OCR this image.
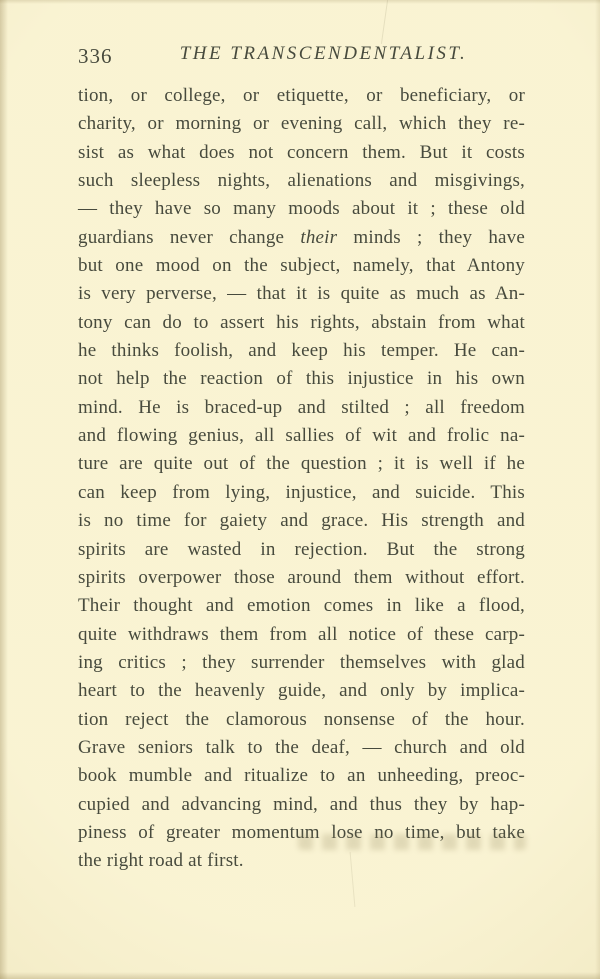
336	THE TRANSCENDENTALIST.
tion, or college, or etiquette, or beneficiary, or
charity, or morning or evening call, which they re-
sist as what does not concern them. But it costs
such sleepless nights, alienations and misgivings,
— they have so many moods about it ; these old
guardians never change their minds ; they have
but one mood on the subject, namely, that Antony
is very perverse, — that it is quite as much as An-
tony can do to assert his rights, abstain from what
he thinks foolish, and keep his temper. He can-
not help the reaction of this injustice in his own
mind. He is braced-up and stilted ; all freedom
and flowing genius, all sallies of wit and frolic na-
ture are quite out of the question ; it is well if he
can keep from lying, injustice, and suicide. This
is no time for gaiety and grace. His strength and
spirits are wasted in rejection. But the strong
spirits overpower those around them without effort.
Their thought and emotion comes in like a flood,
quite withdraws them from all notice of these carp-
ing critics ; they surrender themselves with glad
heart to the heavenly guide, and only by implica-
tion reject the clamorous nonsense of the hour.
Grave seniors talk to the deaf, — church and old
book mumble and ritualize to an unheeding, preoc-
cupied and advancing mind, and thus they by hap-
piness of greater momentum lose no time, but take
the right road at first.
